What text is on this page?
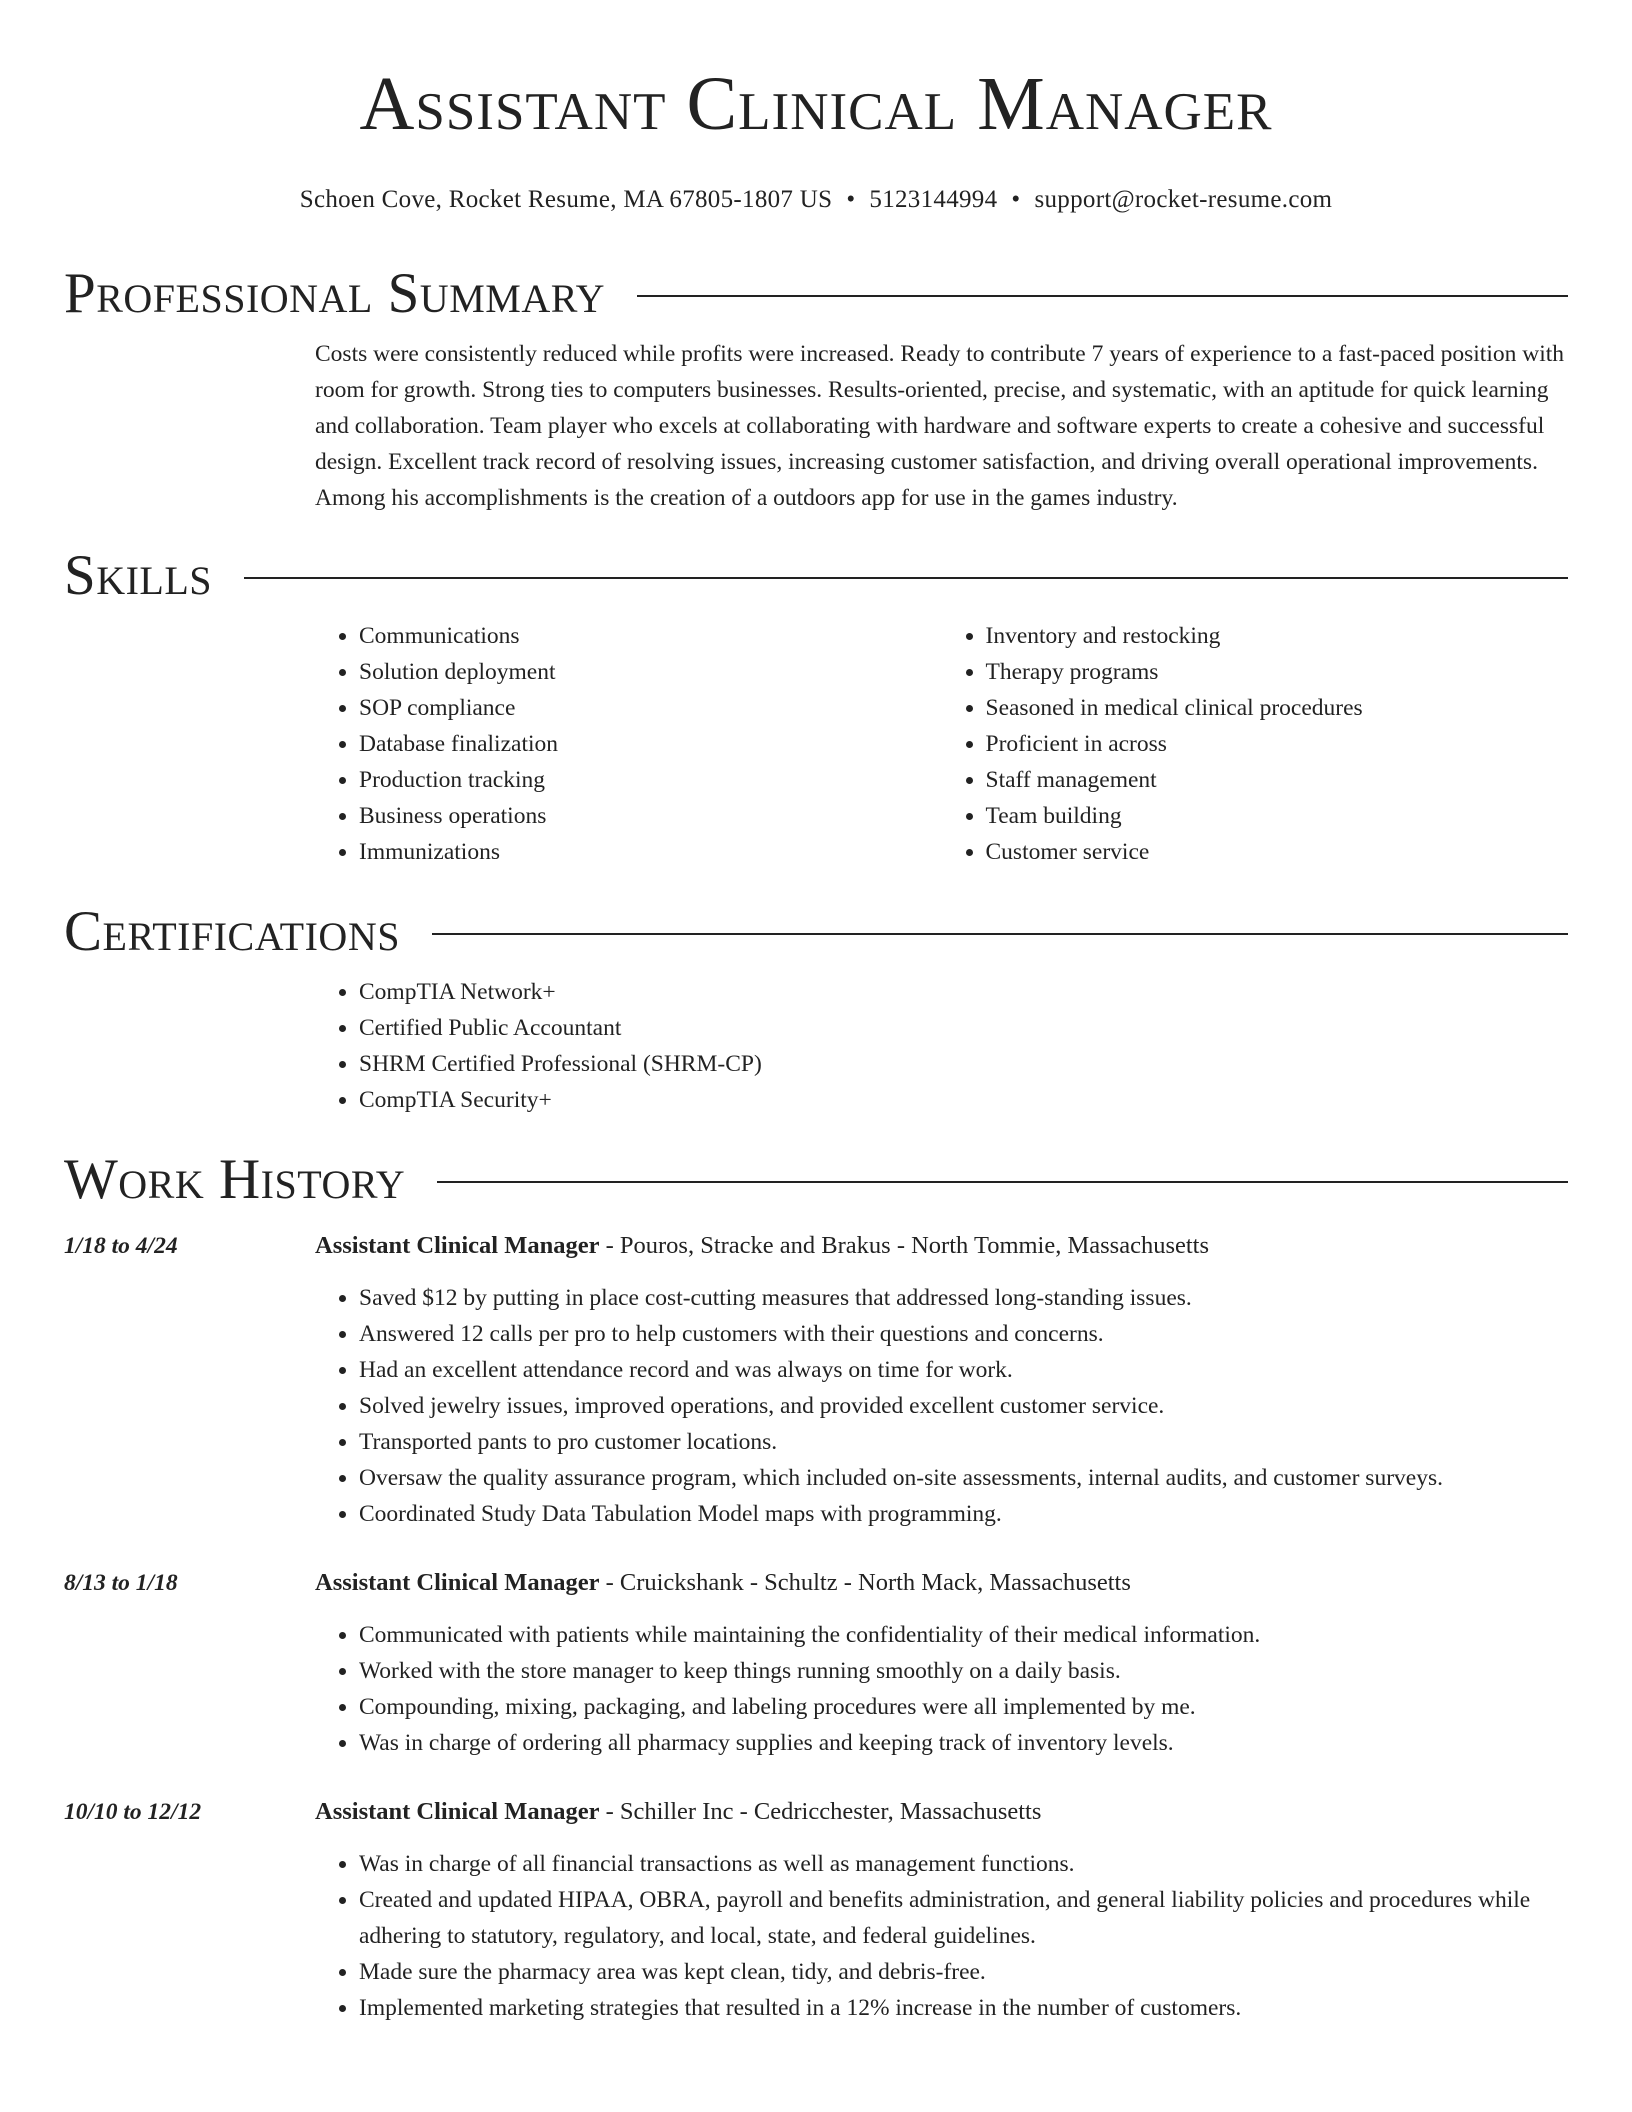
Assistant Clinical Manager
Schoen Cove, Rocket Resume, MA 67805-1807 US • 5123144994 • support@rocket-resume.com
Professional Summary
Costs were consistently reduced while profits were increased. Ready to contribute 7 years of experience to a fast-paced position with room for growth. Strong ties to computers businesses. Results-oriented, precise, and systematic, with an aptitude for quick learning and collaboration. Team player who excels at collaborating with hardware and software experts to create a cohesive and successful design. Excellent track record of resolving issues, increasing customer satisfaction, and driving overall operational improvements. Among his accomplishments is the creation of a outdoors app for use in the games industry.
Skills
• Communications
• Solution deployment
• SOP compliance
• Database finalization
• Production tracking
• Business operations
• Immunizations
• Inventory and restocking
• Therapy programs
• Seasoned in medical clinical procedures
• Proficient in across
• Staff management
• Team building
• Customer service
Certifications
• CompTIA Network+
• Certified Public Accountant
• SHRM Certified Professional (SHRM-CP)
• CompTIA Security+
Work History
1/18 to 4/24	Assistant Clinical Manager - Pouros, Stracke and Brakus - North Tommie, Massachusetts
• Saved $12 by putting in place cost-cutting measures that addressed long-standing issues.
• Answered 12 calls per pro to help customers with their questions and concerns.
• Had an excellent attendance record and was always on time for work.
• Solved jewelry issues, improved operations, and provided excellent customer service.
• Transported pants to pro customer locations.
• Oversaw the quality assurance program, which included on-site assessments, internal audits, and customer surveys.
• Coordinated Study Data Tabulation Model maps with programming.
8/13 to 1/18	Assistant Clinical Manager - Cruickshank - Schultz - North Mack, Massachusetts
• Communicated with patients while maintaining the confidentiality of their medical information.
• Worked with the store manager to keep things running smoothly on a daily basis.
• Compounding, mixing, packaging, and labeling procedures were all implemented by me.
• Was in charge of ordering all pharmacy supplies and keeping track of inventory levels.
10/10 to 12/12	Assistant Clinical Manager - Schiller Inc - Cedricchester, Massachusetts
• Was in charge of all financial transactions as well as management functions.
• Created and updated HIPAA, OBRA, payroll and benefits administration, and general liability policies and procedures while adhering to statutory, regulatory, and local, state, and federal guidelines.
• Made sure the pharmacy area was kept clean, tidy, and debris-free.
• Implemented marketing strategies that resulted in a 12% increase in the number of customers.
